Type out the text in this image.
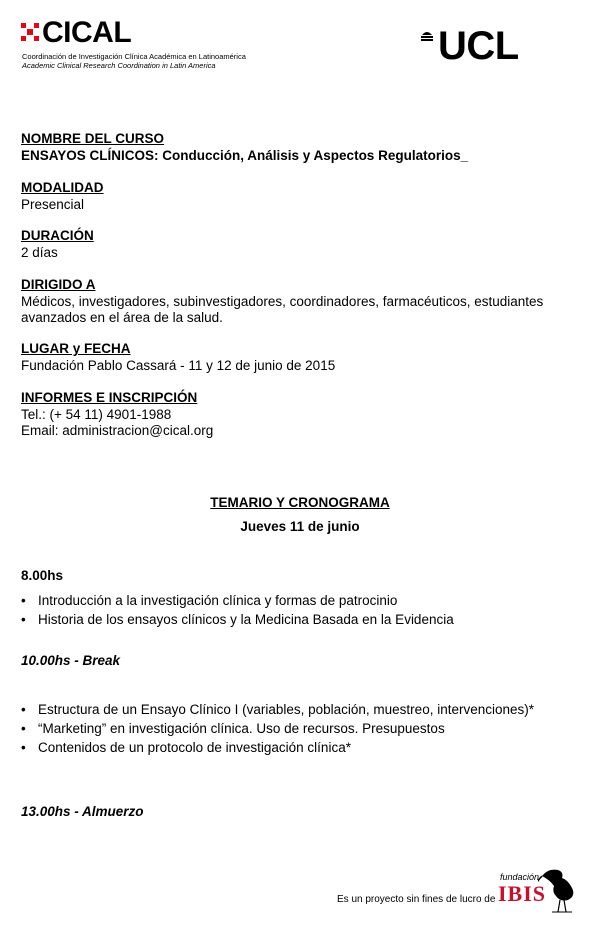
CICAL
Coordinación de Investigación Clínica Académica en Latinoamérica
Academic Clinical Research Coordination in Latin America	UCL
NOMBRE DEL CURSO
ENSAYOS CLÍNICOS: Conducción, Análisis y Aspectos Regulatorios_
MODALIDAD
Presencial
DURACIÓN
2 días
DIRIGIDO A
Médicos, investigadores, subinvestigadores, coordinadores, farmacéuticos, estudiantes avanzados en el área de la salud.
LUGAR y FECHA
Fundación Pablo Cassará - 11 y 12 de junio de 2015
INFORMES E INSCRIPCIÓN
Tel.: (+ 54 11) 4901-1988
Email: administracion@cical.org
TEMARIO Y CRONOGRAMA
Jueves 11 de junio
8.00hs
• Introducción a la investigación clínica y formas de patrocinio
• Historia de los ensayos clínicos y la Medicina Basada en la Evidencia
10.00hs - Break
• Estructura de un Ensayo Clínico I (variables, población, muestreo, intervenciones)*
• “Marketing” en investigación clínica. Uso de recursos. Presupuestos
• Contenidos de un protocolo de investigación clínica*
13.00hs - Almuerzo
Es un proyecto sin fines de lucro de
fundación
IBIS
